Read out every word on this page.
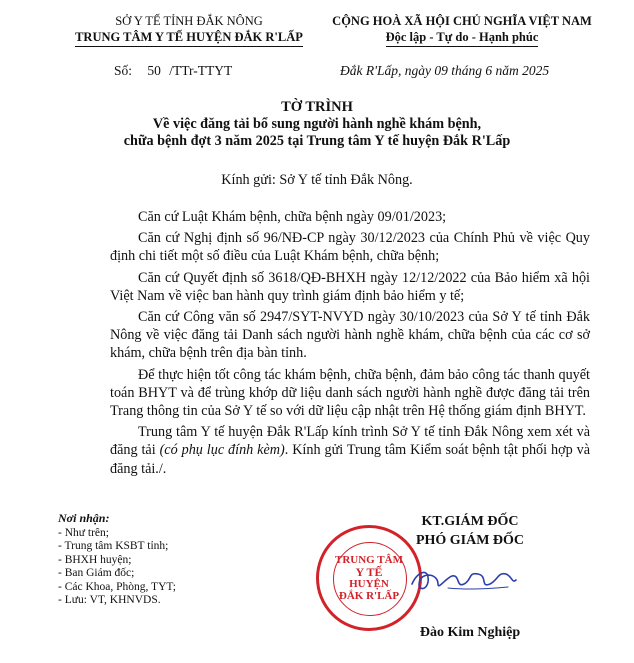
SỞ Y TẾ TỈNH ĐẮK NÔNG
TRUNG TÂM Y TẾ HUYỆN ĐẮK R'LẤP
CỘNG HOÀ XÃ HỘI CHỦ NGHĨA VIỆT NAM
Độc lập - Tự do - Hạnh phúc
Số: 50 /TTr-TTYT	Đắk R'Lấp, ngày 09 tháng 6 năm 2025
TỜ TRÌNH
Về việc đăng tải bổ sung người hành nghề khám bệnh,
chữa bệnh đợt 3 năm 2025 tại Trung tâm Y tế huyện Đắk R'Lấp
Kính gửi: Sở Y tế tỉnh Đắk Nông.

Căn cứ Luật Khám bệnh, chữa bệnh ngày 09/01/2023;

Căn cứ Nghị định số 96/NĐ-CP ngày 30/12/2023 của Chính Phủ về việc Quy định chi tiết một số điều của Luật Khám bệnh, chữa bệnh;

Căn cứ Quyết định số 3618/QĐ-BHXH ngày 12/12/2022 của Bảo hiểm xã hội Việt Nam về việc ban hành quy trình giám định bảo hiểm y tế;

Căn cứ Công văn số 2947/SYT-NVYD ngày 30/10/2023 của Sở Y tế tỉnh Đắk Nông về việc đăng tải Danh sách người hành nghề khám, chữa bệnh của các cơ sở khám, chữa bệnh trên địa bàn tỉnh.

Để thực hiện tốt công tác khám bệnh, chữa bệnh, đảm bảo công tác thanh quyết toán BHYT và để trùng khớp dữ liệu danh sách người hành nghề được đăng tải trên Trang thông tin của Sở Y tế so với dữ liệu cập nhật trên Hệ thống giám định BHYT.

Trung tâm Y tế huyện Đắk R'Lấp kính trình Sở Y tế tỉnh Đắk Nông xem xét và đăng tải (có phụ lục đính kèm). Kính gửi Trung tâm Kiểm soát bệnh tật phối hợp và đăng tải./.

Nơi nhận:
- Như trên;
- Trung tâm KSBT tỉnh;
- BHXH huyện;
- Ban Giám đốc;
- Các Khoa, Phòng, TYT;
- Lưu: VT, KHNVDS.
KT.GIÁM ĐỐC
PHÓ GIÁM ĐỐC
TRUNG TÂM
Y TẾ
HUYỆN
ĐẮK R'LẤP
Đào Kim Nghiệp
